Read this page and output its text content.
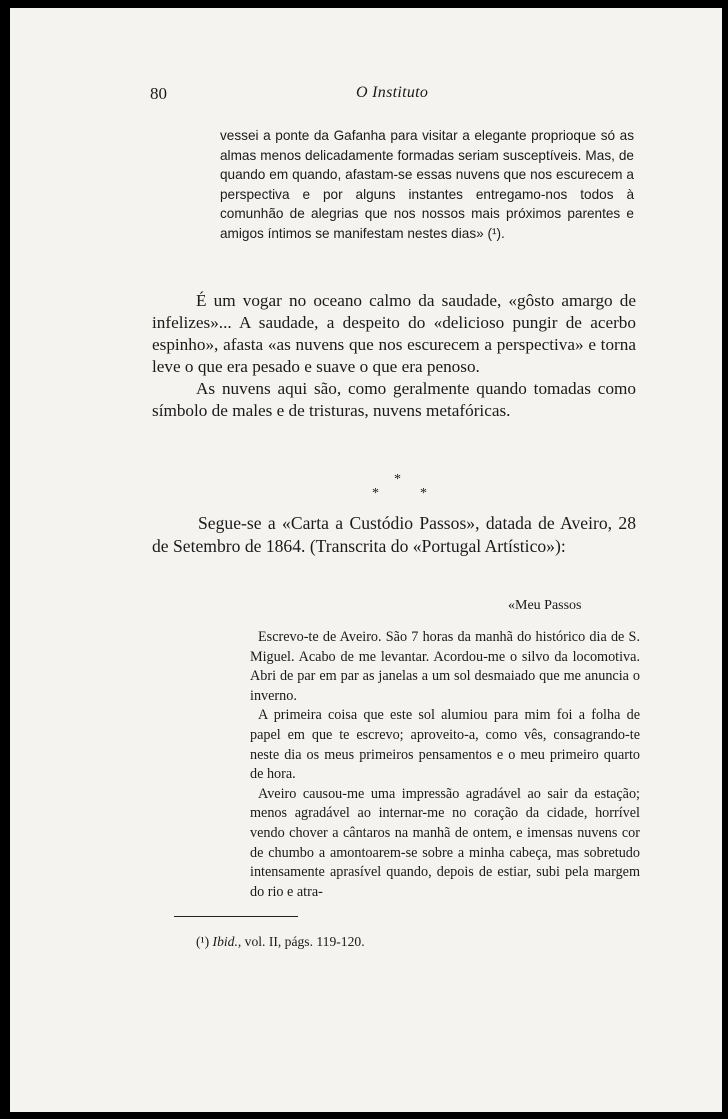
80	O Instituto

vessei a ponte da Gafanha para visitar a elegante proprioque só as almas menos delicadamente formadas seriam susceptíveis. Mas, de quando em quando, afastam-se essas nuvens que nos escurecem a perspectiva e por alguns instantes entregamo-nos todos à comunhão de alegrias que nos nossos mais próximos parentes e amigos íntimos se manifestam nestes dias» (¹).

É um vogar no oceano calmo da saudade, «gôsto amargo de infelizes»... A saudade, a despeito do «delicioso pungir de acerbo espinho», afasta «as nuvens que nos escurecem a perspectiva» e torna leve o que era pesado e suave o que era penoso.

As nuvens aqui são, como geralmente quando tomadas como símbolo de males e de tristuras, nuvens metafóricas.

*
*	*

Segue-se a «Carta a Custódio Passos», datada de Aveiro, 28 de Setembro de 1864. (Transcrita do «Portugal Artístico»):

«Meu Passos

Escrevo-te de Aveiro. São 7 horas da manhã do histórico dia de S. Miguel. Acabo de me levantar. Acordou-me o silvo da locomotiva. Abri de par em par as janelas a um sol desmaiado que me anuncia o inverno.

A primeira coisa que este sol alumiou para mim foi a folha de papel em que te escrevo; aproveito-a, como vês, consagrando-te neste dia os meus primeiros pensamentos e o meu primeiro quarto de hora.

Aveiro causou-me uma impressão agradável ao sair da estação; menos agradável ao internar-me no coração da cidade, horrível vendo chover a cântaros na manhã de ontem, e imensas nuvens cor de chumbo a amontoarem-se sobre a minha cabeça, mas sobretudo intensamente aprasível quando, depois de estiar, subi pela margem do rio e atra-

(¹) Ibid., vol. II, págs. 119-120.
